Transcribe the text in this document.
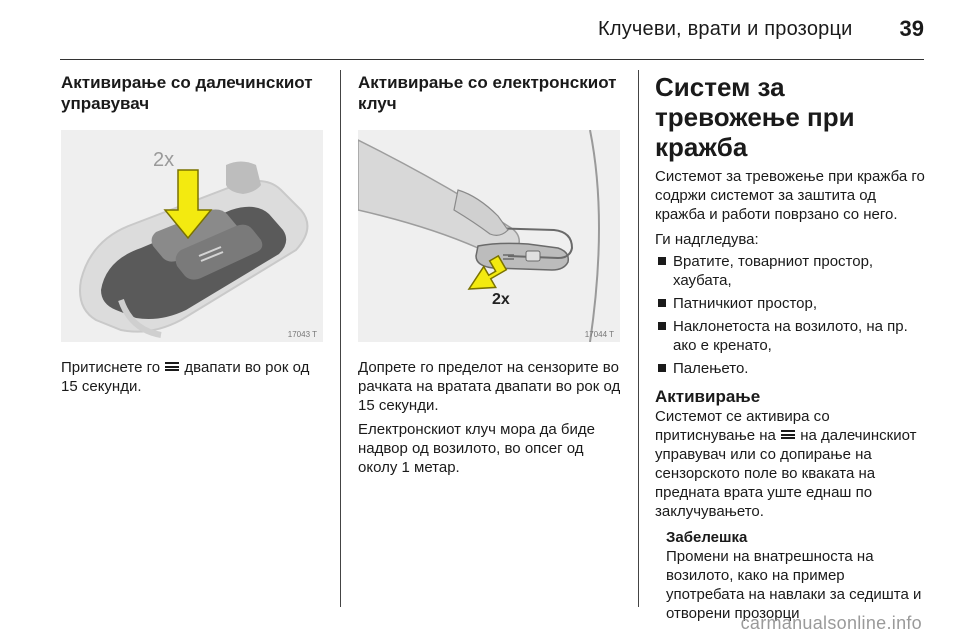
Клучеви, врати и прозорци 39
Активирање со далечинскиот управувач
2x
17043 T

Притиснете го двапати во рок од 15 секунди.

Активирање со електронскиот клуч
2x
17044 T

Допрете го пределот на сензорите во рачката на вратата двапати во рок од 15 секунди.

Електронскиот клуч мора да биде надвор од возилото, во опсег од околу 1 метар.

Систем за тревожење при кражба

Системот за тревожење при кражба го содржи системот за заштита од кражба и работи поврзано со него.

Ги надгледува:

Вратите, товарниот простор, хаубата,
Патничкиот простор,
Наклонетоста на возилото, на пр. ако е кренато,
Палењето.
Активирање

Системот се активира со притиснување на на далечинскиот управувач или со допирање на сензорското поле во кваката на предната врата уште еднаш по заклучувањето.

Забелешка

Промени на внатрешноста на возилото, како на пример употребата на навлаки за седишта и отворени прозорци

carmanualsonline.info
